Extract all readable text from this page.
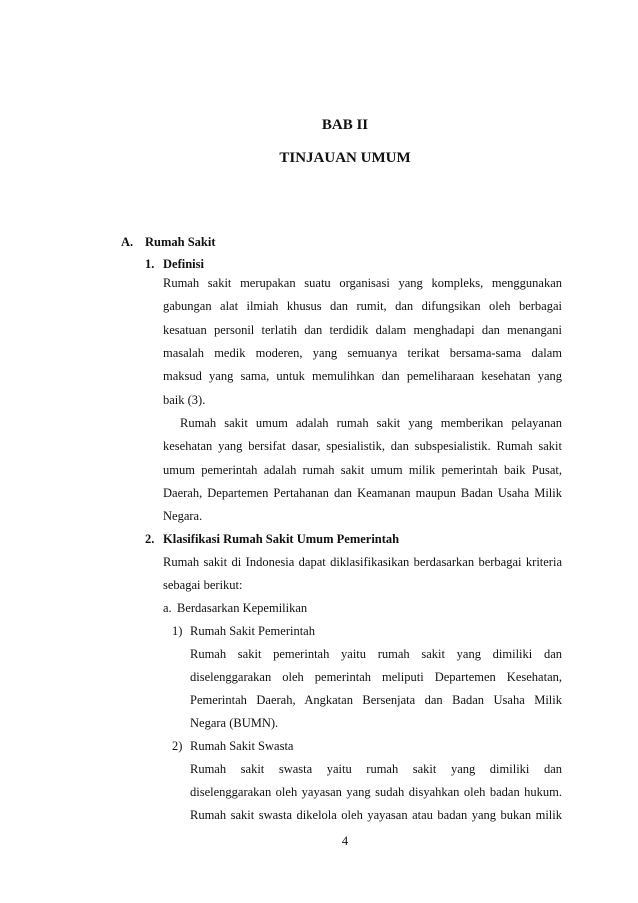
BAB II
TINJAUAN UMUM
A. Rumah Sakit
1. Definisi
Rumah sakit merupakan suatu organisasi yang kompleks, menggunakan
gabungan alat ilmiah khusus dan rumit, dan difungsikan oleh berbagai
kesatuan personil terlatih dan terdidik dalam menghadapi dan menangani
masalah medik moderen, yang semuanya terikat bersama-sama dalam
maksud yang sama, untuk memulihkan dan pemeliharaan kesehatan yang
baik (3).
Rumah sakit umum adalah rumah sakit yang memberikan pelayanan
kesehatan yang bersifat dasar, spesialistik, dan subspesialistik. Rumah sakit
umum pemerintah adalah rumah sakit umum milik pemerintah baik Pusat,
Daerah, Departemen Pertahanan dan Keamanan maupun Badan Usaha Milik
Negara.
2. Klasifikasi Rumah Sakit Umum Pemerintah
Rumah sakit di Indonesia dapat diklasifikasikan berdasarkan berbagai kriteria
sebagai berikut:
a. Berdasarkan Kepemilikan
1) Rumah Sakit Pemerintah
Rumah sakit pemerintah yaitu rumah sakit yang dimiliki dan
diselenggarakan oleh pemerintah meliputi Departemen Kesehatan,
Pemerintah Daerah, Angkatan Bersenjata dan Badan Usaha Milik
Negara (BUMN).
2) Rumah Sakit Swasta
Rumah sakit swasta yaitu rumah sakit yang dimiliki dan
diselenggarakan oleh yayasan yang sudah disyahkan oleh badan hukum.
Rumah sakit swasta dikelola oleh yayasan atau badan yang bukan milik
4
